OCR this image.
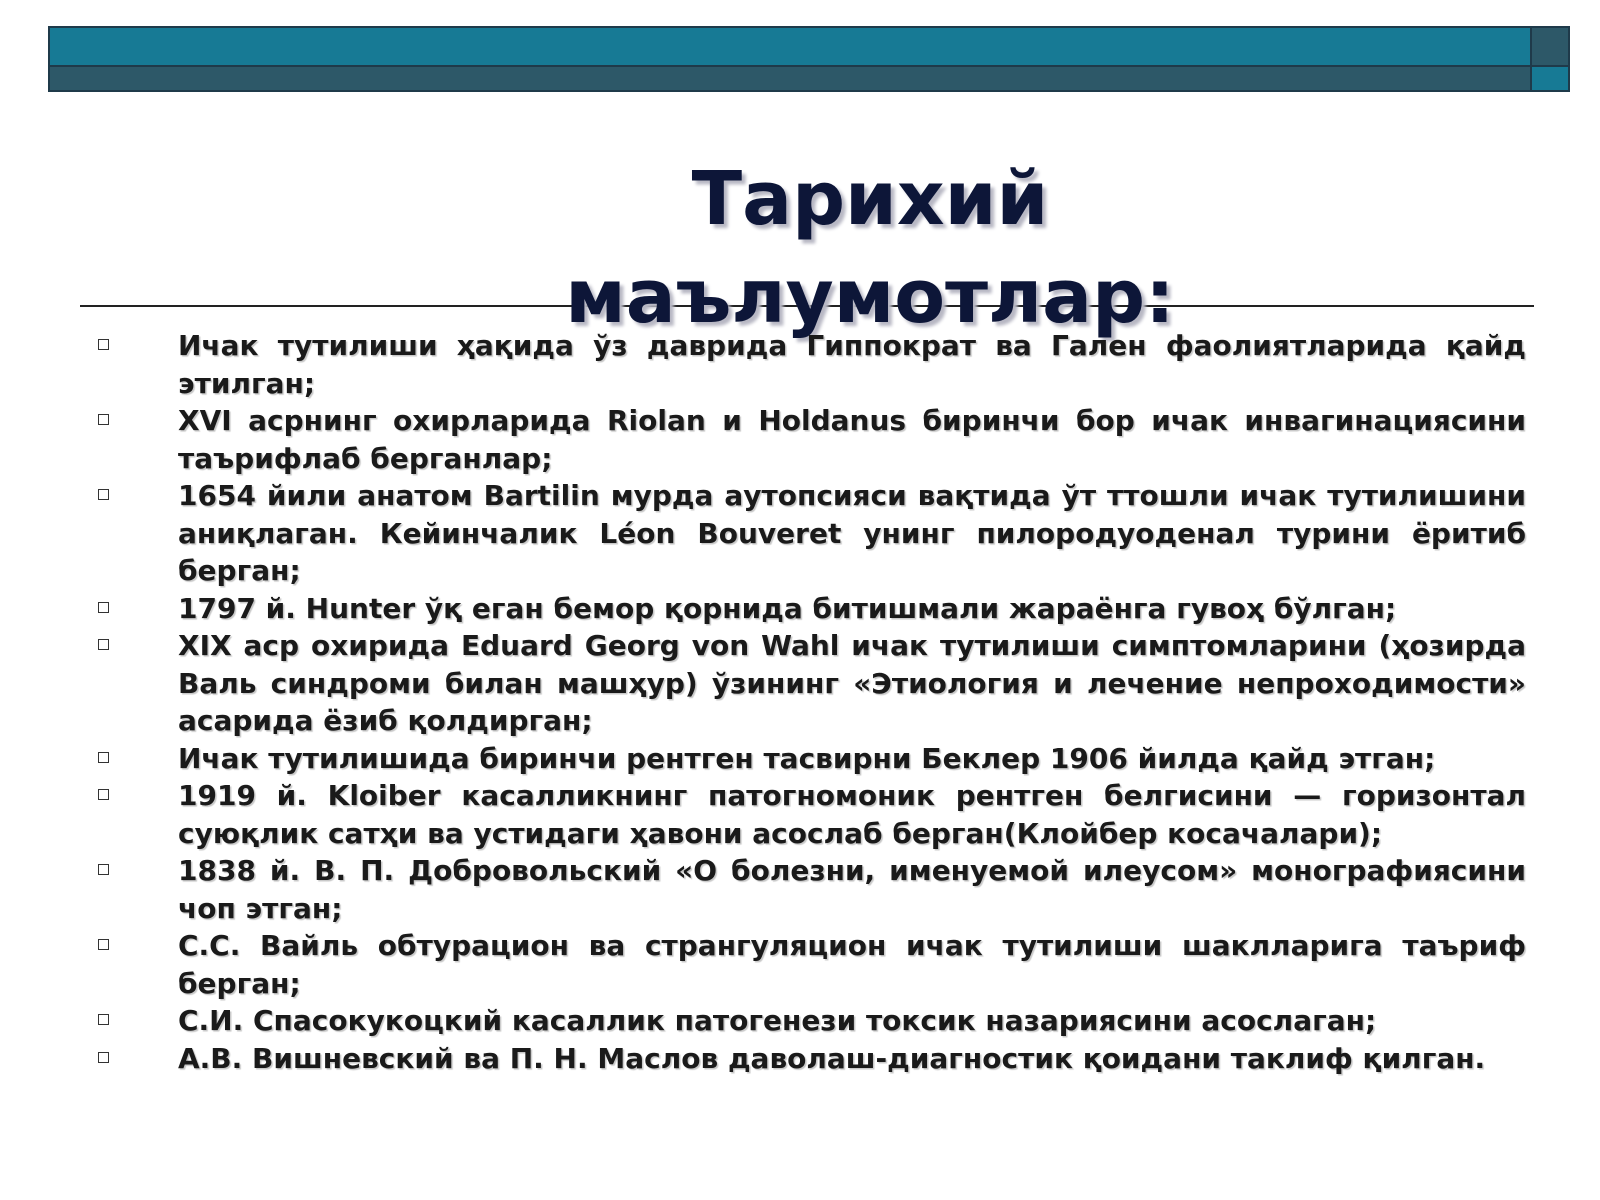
Тарихий
маълумотлар:
Ичак тутилиши ҳақида ўз даврида Гиппократ ва Гален фаолиятларида қайд этилган;
XVI асрнинг охирларида Riolan и Holdanus биринчи бор ичак инвагинациясини таърифлаб берганлар;
1654 йили анатом Bartilin мурда аутопсияси вақтида ўт ттошли ичак тутилишини аниқлаган. Кейинчалик Léon Bouveret унинг пилородуоденал турини ёритиб берган;
1797 й. Hunter ўқ еган бемор қорнида битишмали жараёнга гувоҳ бўлган;
XIX аср охирида Eduard Georg von Wahl ичак тутилиши симптомларини (ҳозирда Валь синдроми билан машҳур) ўзининг «Этиология и лечение непроходимости» асарида ёзиб қолдирган;
Ичак тутилишида биринчи рентген тасвирни Беклер 1906 йилда қайд этган;
1919 й. Kloiber касалликнинг патогномоник рентген белгисини — горизонтал суюқлик сатҳи ва устидаги ҳавони асослаб берган(Клойбер косачалари);
1838 й. В. П. Добровольский «О болезни, именуемой илеусом» монографиясини чоп этган;
С.С. Вайль обтурацион ва странгуляцион ичак тутилиши шаклларига таъриф берган;
С.И. Спасокукоцкий касаллик патогенези токсик назариясини асослаган;
А.В. Вишневский ва П. Н. Маслов даволаш-диагностик қоидани таклиф қилган.
